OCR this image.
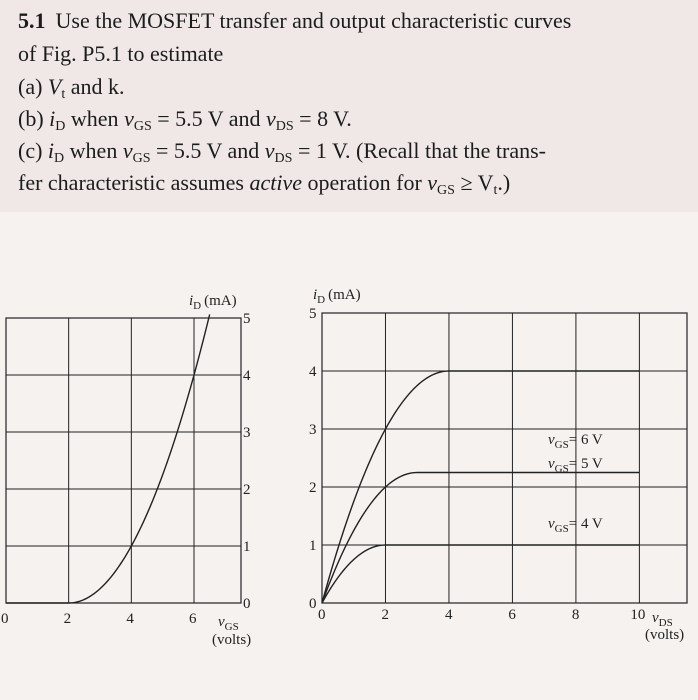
5.1 Use the MOSFET transfer and output characteristic curves
of Fig. P5.1 to estimate
(a) $V_t$ and k.
(b) $i_D$ when $v_{GS} = 5.5$ V and $v_{DS} = 8$ V.
(c) $i_D$ when $v_{GS} = 5.5$ V and $v_{DS} = 1$ V. (Recall that the trans-
fer characteristic assumes active operation for $v_{GS} \ge V_t$.)
0	2	4	6
0
1
2
3
4
5
$i_D$ (mA)
$v_{GS}$
(volts)
0	2	4	6	8	10
0
1
2
3
4
5
$v_{GS}= 6$ V
$v_{GS}= 5$ V
$v_{GS}= 4$ V
$i_D$ (mA)
$v_{DS}$
(volts)
